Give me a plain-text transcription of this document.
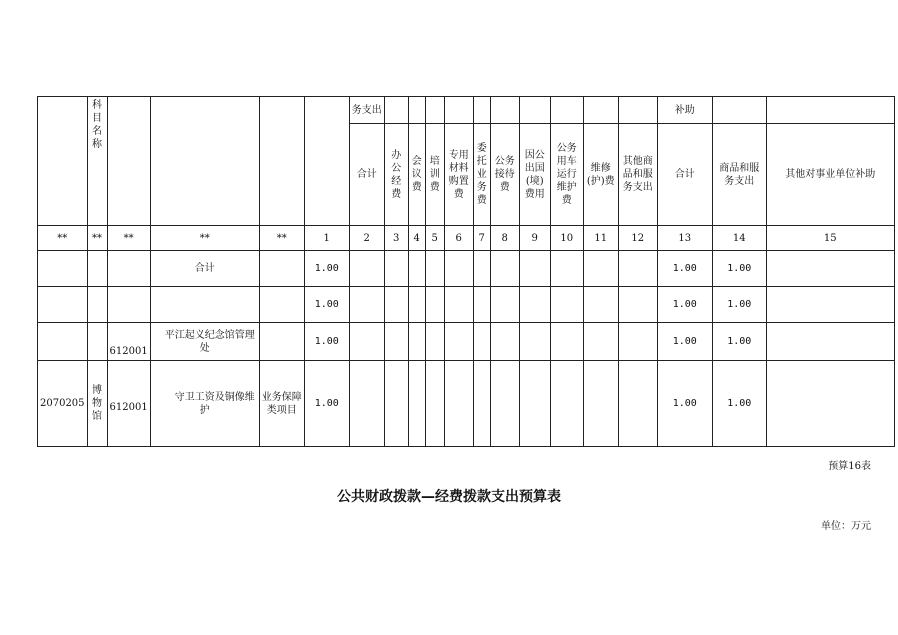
	科目名称					务支出											补助		
						合计	办公经费	会议费	培训费	专用材料购置费	委托业务费	公务接待费	因公出国(境)费用	公务用车运行维护费	维修(护)费	其他商品和服务支出	合计	商品和服务支出	其他对事业单位补助
**	**	**	**	**	1	2	3	4	5	6	7	8	9	10	11	12	13	14	15
			合计		1.00												1.00	1.00	
					1.00												1.00	1.00	
		612001	平江起义纪念馆管理处		1.00												1.00	1.00	
2070205	博物馆	612001	守卫工资及铜像维护	业务保障类项目	1.00												1.00	1.00	
预算16表
公共财政拨款—经费拨款支出预算表
单位：万元
